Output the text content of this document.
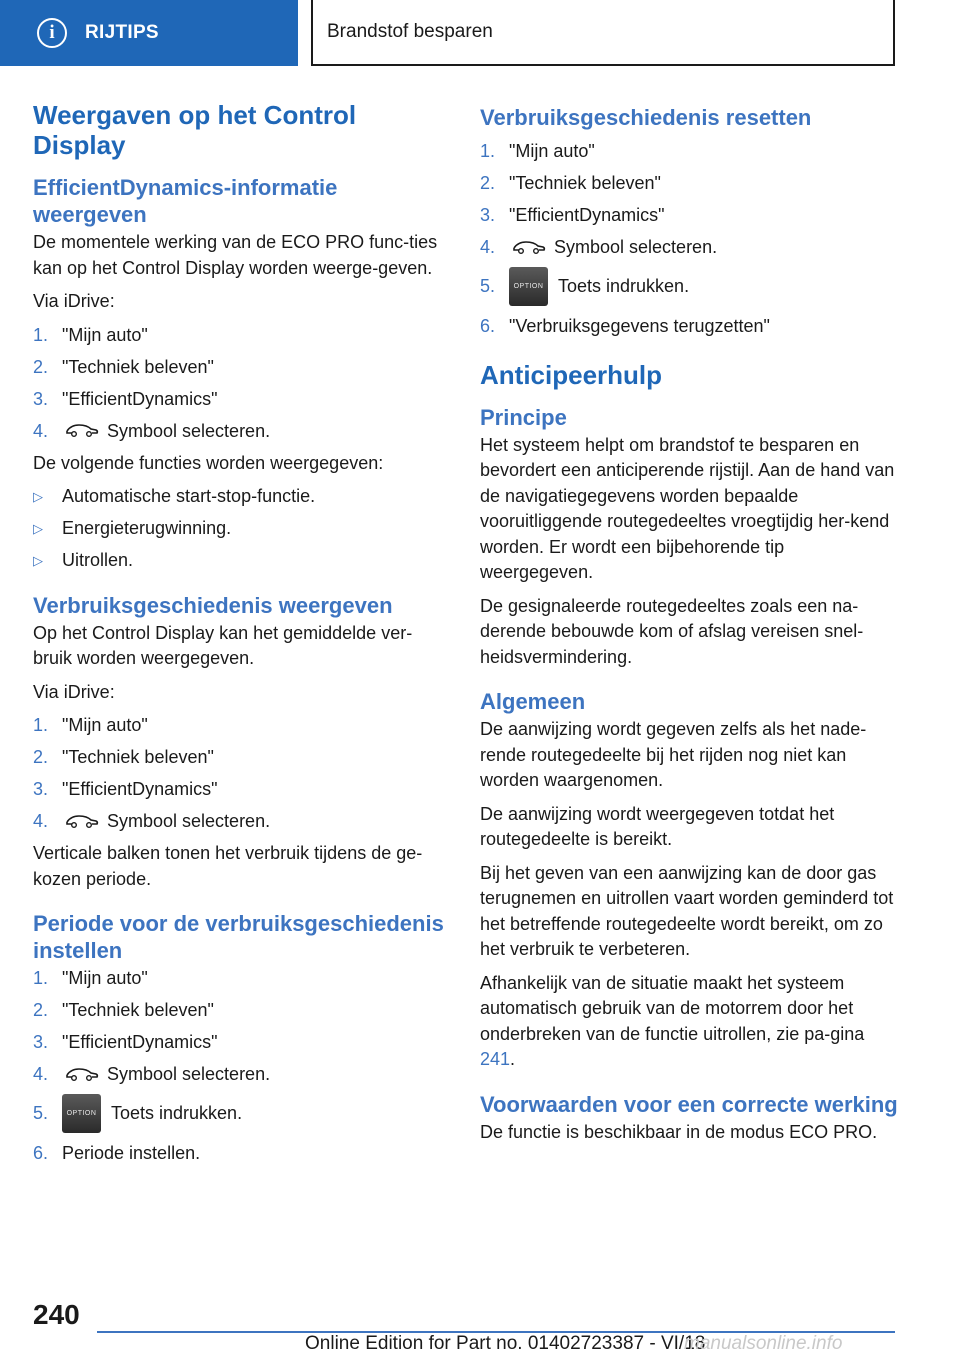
i	RIJTIPS	Brandstof besparen
Weergaven op het Control Display
EfficientDynamics-informatie weergeven

De momentele werking van de ECO PRO func-ties kan op het Control Display worden weerge-geven.

Via iDrive:

1. "Mijn auto"
2. "Techniek beleven"
3. "EfficientDynamics"
4.	Symbool selecteren.

De volgende functies worden weergegeven:

▷	Automatische start-stop-functie.
▷	Energieterugwinning.
▷	Uitrollen.
Verbruiksgeschiedenis weergeven

Op het Control Display kan het gemiddelde ver-bruik worden weergegeven.

Via iDrive:

1. "Mijn auto"
2. "Techniek beleven"
3. "EfficientDynamics"
4.	Symbool selecteren.

Verticale balken tonen het verbruik tijdens de ge-kozen periode.

Periode voor de verbruiksgeschiedenis instellen
1. "Mijn auto"
2. "Techniek beleven"
3. "EfficientDynamics"
4.	Symbool selecteren.
5.	OPTION Toets indrukken.
6. Periode instellen.
Verbruiksgeschiedenis resetten
1. "Mijn auto"
2. "Techniek beleven"
3. "EfficientDynamics"
4.	Symbool selecteren.
5.	OPTION Toets indrukken.
6. "Verbruiksgegevens terugzetten"
Anticipeerhulp
Principe

Het systeem helpt om brandstof te besparen en bevordert een anticiperende rijstijl. Aan de hand van de navigatiegegevens worden bepaalde vooruitliggende routegedeeltes vroegtijdig her-kend worden. Er wordt een bijbehorende tip weergegeven.

De gesignaleerde routegedeeltes zoals een na-derende bebouwde kom of afslag vereisen snel-heidsvermindering.

Algemeen

De aanwijzing wordt gegeven zelfs als het nade-rende routegedeelte bij het rijden nog niet kan worden waargenomen.

De aanwijzing wordt weergegeven totdat het routegedeelte is bereikt.

Bij het geven van een aanwijzing kan de door gas terugnemen en uitrollen vaart worden geminderd tot het betreffende routegedeelte wordt bereikt, om zo het verbruik te verbeteren.

Afhankelijk van de situatie maakt het systeem automatisch gebruik van de motorrem door het onderbreken van de functie uitrollen, zie pa-gina 241.

Voorwaarden voor een correcte werking

De functie is beschikbaar in de modus ECO PRO.

240
Online Edition for Part no. 01402723387 - VI/18
manualsonline.info
